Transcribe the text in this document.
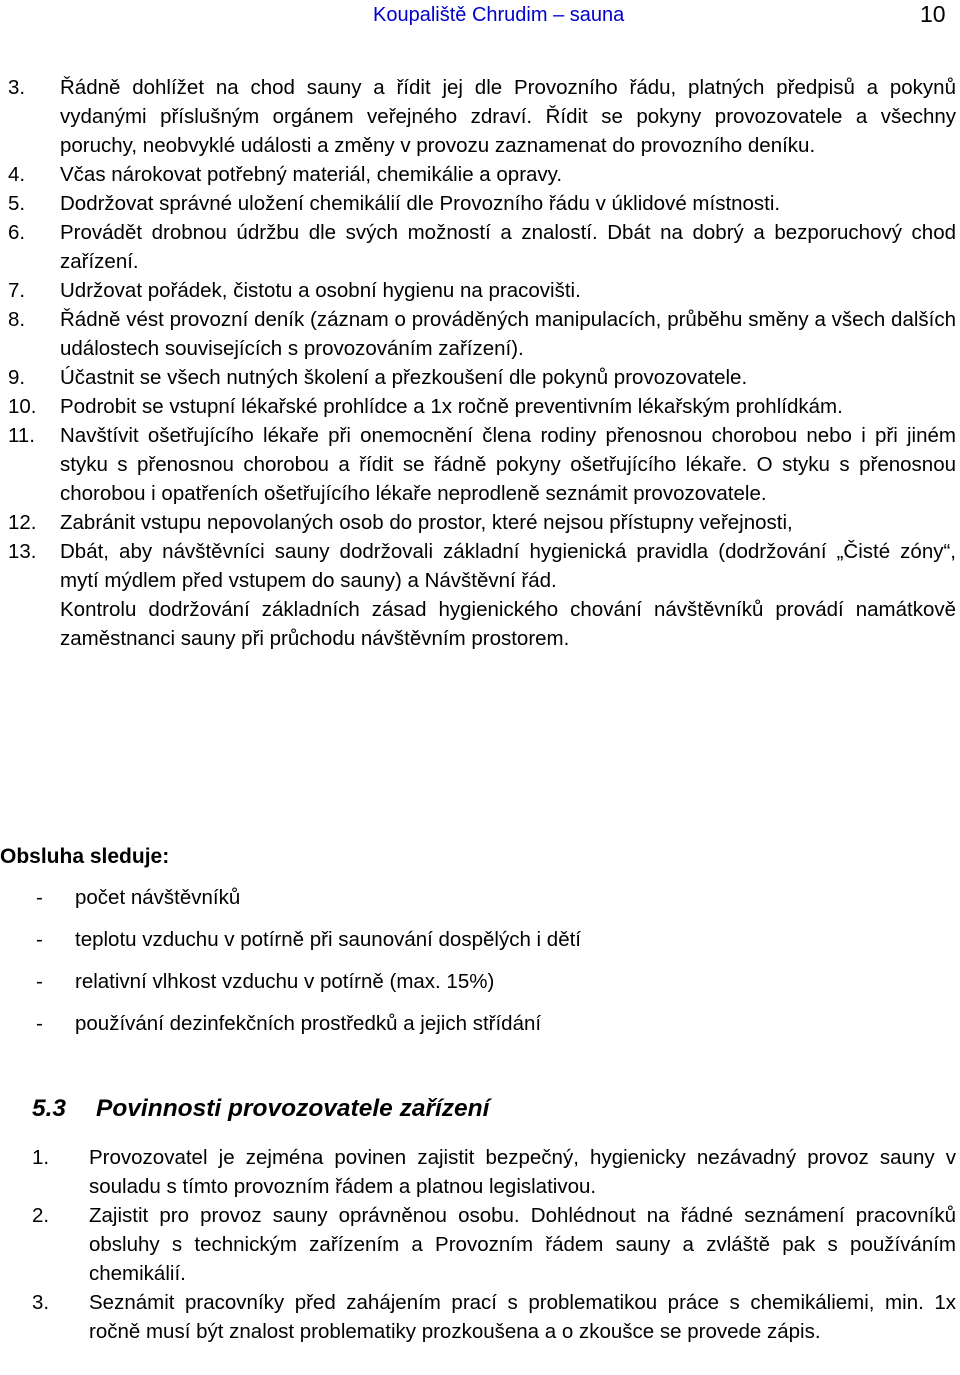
Koupaliště Chrudim – sauna	10
3.	Řádně dohlížet na chod sauny a řídit jej dle Provozního řádu, platných předpisů a pokynů vydanými příslušným orgánem veřejného zdraví. Řídit se pokyny provozovatele a všechny poruchy, neobvyklé události a změny v provozu zaznamenat do provozního deníku.
4.	Včas nárokovat potřebný materiál, chemikálie a opravy.
5.	Dodržovat správné uložení chemikálií dle Provozního řádu v úklidové místnosti.
6.	Provádět drobnou údržbu dle svých možností a znalostí. Dbát na dobrý a bezporuchový chod zařízení.
7.	Udržovat pořádek, čistotu a osobní hygienu na pracovišti.
8.	Řádně vést provozní deník (záznam o prováděných manipulacích, průběhu směny a všech dalších událostech souvisejících s provozováním zařízení).
9.	Účastnit se všech nutných školení a přezkoušení dle pokynů provozovatele.
10.	Podrobit se vstupní lékařské prohlídce a 1x ročně preventivním lékařským prohlídkám.
11.	Navštívit ošetřujícího lékaře při onemocnění člena rodiny přenosnou chorobou nebo i při jiném styku s přenosnou chorobou a řídit se řádně pokyny ošetřujícího lékaře. O styku s přenosnou chorobou i opatřeních ošetřujícího lékaře neprodleně seznámit provozovatele.
12.	Zabránit vstupu nepovolaných osob do prostor, které nejsou přístupny veřejnosti,
13.	Dbát, aby návštěvníci sauny dodržovali základní hygienická pravidla (dodržování „Čisté zóny“, mytí mýdlem před vstupem do sauny) a Návštěvní řád.
Kontrolu dodržování základních zásad hygienického chování návštěvníků provádí namátkově zaměstnanci sauny při průchodu návštěvním prostorem.
Obsluha sleduje:
-	počet návštěvníků
-	teplotu vzduchu v potírně při saunování dospělých i dětí
-	relativní vlhkost vzduchu v potírně (max. 15%)
-	používání dezinfekčních prostředků a jejich střídání
5.3 Povinnosti provozovatele zařízení
1.	Provozovatel je zejména povinen zajistit bezpečný, hygienicky nezávadný provoz sauny v souladu s tímto provozním řádem a platnou legislativou.
2.	Zajistit pro provoz sauny oprávněnou osobu. Dohlédnout na řádné seznámení pracovníků obsluhy s technickým zařízením a Provozním řádem sauny a zvláště pak s používáním chemikálií.
3.	Seznámit pracovníky před zahájením prací s problematikou práce s chemikáliemi, min. 1x ročně musí být znalost problematiky prozkoušena a o zkoušce se provede zápis.
